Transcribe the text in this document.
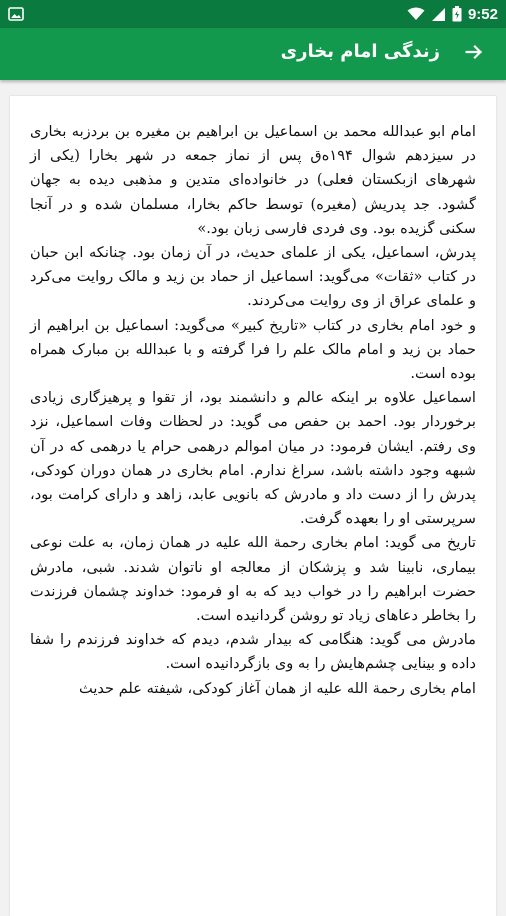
9:52
زندگی امام بخاری

امام ابو عبدالله محمد بن اسماعیل بن ابراهیم بن مغیره بن بردزبه بخاری در سیزدهم شوال ۱۹۴ه‌ق پس از نماز جمعه در شهر بخارا (یکی از شهرهای ازبکستان فعلی) در خانواده‌ای متدین و مذهبی دیده به جهان گشود. جد پدریش (مغیره) توسط حاکم بخارا، مسلمان شده و در آنجا سکنی گزیده بود. وی فردی فارسی زبان بود.»

پدرش، اسماعیل، یکی از علمای حدیث، در آن زمان بود. چنانکه ابن حبان در کتاب «ثقات» می‌گوید: اسماعیل از حماد بن زید و مالک روایت می‌کرد و علمای عراق از وی روایت می‌کردند.

و خود امام بخاری در کتاب «تاریخ کبیر» می‌گوید: اسماعیل بن ابراهیم از حماد بن زید و امام مالک علم را فرا گرفته و با عبدالله بن مبارک همراه بوده است.

اسماعیل علاوه بر اینکه عالم و دانشمند بود، از تقوا و پرهیزگاری زیادی برخوردار بود. احمد بن حفص می گوید: در لحظات وفات اسماعیل، نزد وی رفتم. ایشان فرمود: در میان اموالم درهمی حرام یا درهمی که در آن شبهه وجود داشته باشد، سراغ ندارم. امام بخاری در همان دوران کودکی، پدرش را از دست داد و مادرش که بانویی عابد، زاهد و دارای کرامت بود، سرپرستی او را بعهده گرفت.

تاریخ می گوید: امام بخاری رحمة الله علیه در همان زمان، به علت نوعی بیماری، نابینا شد و پزشکان از معالجه او ناتوان شدند. شبی، مادرش حضرت ابراهیم را در خواب دید که به او فرمود: خداوند چشمان فرزندت را بخاطر دعاهای زیاد تو روشن گردانیده است.

مادرش می گوید: هنگامی که بیدار شدم، دیدم که خداوند فرزندم را شفا داده و بینایی چشم‌هایش را به وی بازگردانیده است.

امام بخاری رحمة الله علیه از همان آغاز کودکی، شیفته علم حدیث
